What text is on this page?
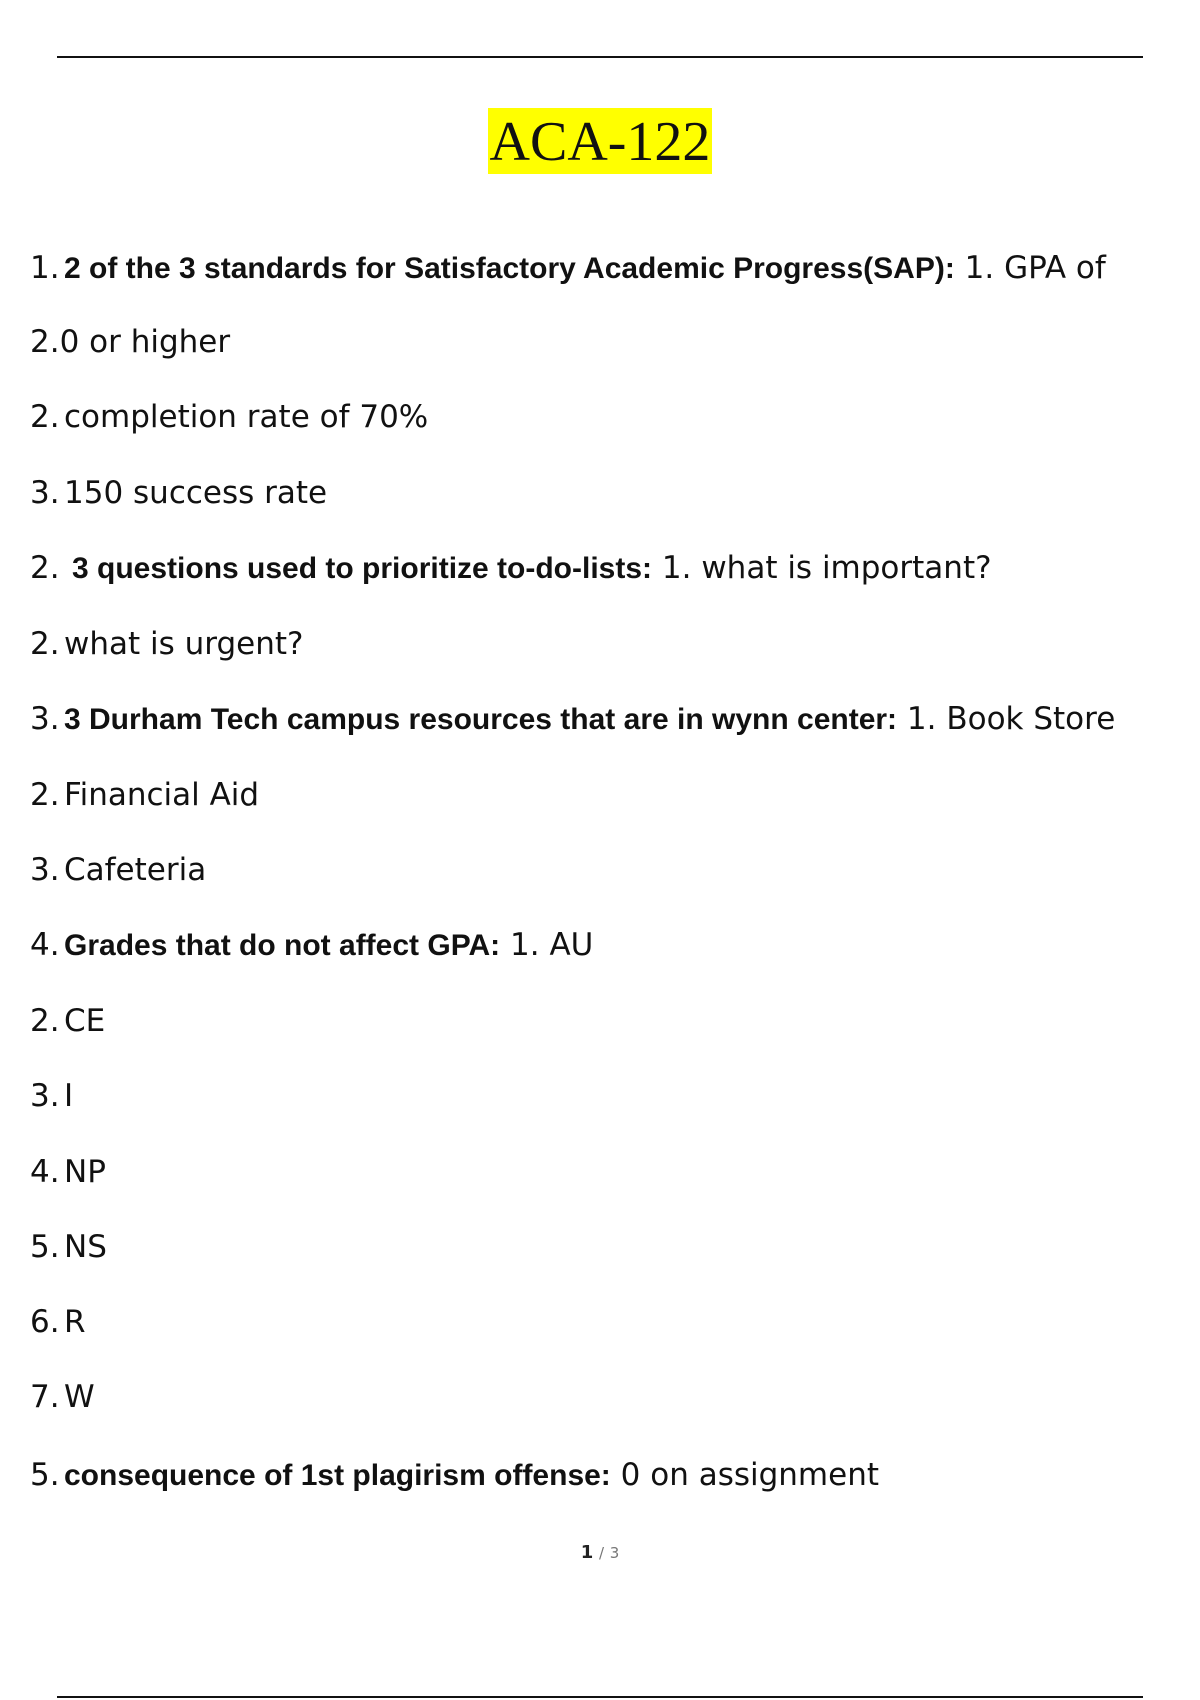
ACA-122
1. 2 of the 3 standards for Satisfactory Academic Progress(SAP): 1. GPA of
2.0 or higher
2. completion rate of 70%
3. 150 success rate
2. 3 questions used to prioritize to-do-lists: 1. what is important?
2. what is urgent?
3. 3 Durham Tech campus resources that are in wynn center: 1. Book Store
2. Financial Aid
3. Cafeteria
4. Grades that do not affect GPA: 1. AU
2. CE
3. I
4. NP
5. NS
6. R
7. W
5. consequence of 1st plagirism offense: 0 on assignment
1 / 3
